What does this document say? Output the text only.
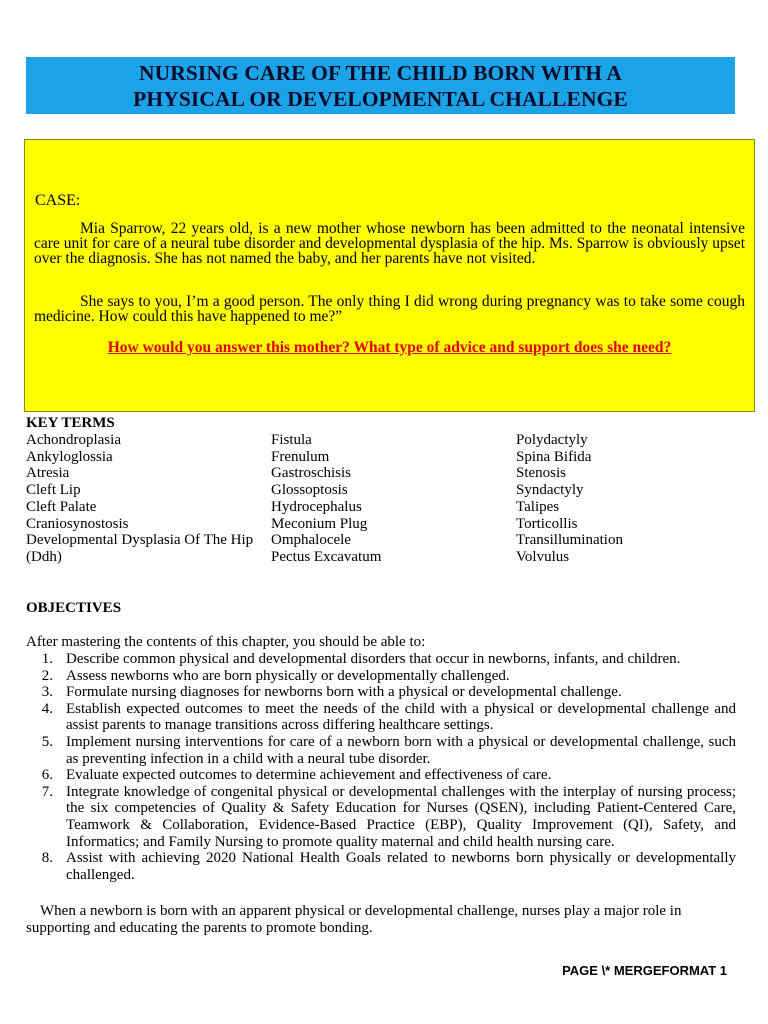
NURSING CARE OF THE CHILD BORN WITH A
PHYSICAL OR DEVELOPMENTAL CHALLENGE
CASE:
Mia Sparrow, 22 years old, is a new mother whose newborn has been admitted to the neonatal intensive care unit for care of a neural tube disorder and developmental dysplasia of the hip. Ms. Sparrow is obviously upset over the diagnosis. She has not named the baby, and her parents have not visited.
She says to you, I’m a good person. The only thing I did wrong during pregnancy was to take some cough medicine. How could this have happened to me?”
How would you answer this mother? What type of advice and support does she need?
KEY TERMS
Achondroplasia
Ankyloglossia
Atresia
Cleft Lip
Cleft Palate
Craniosynostosis
Developmental Dysplasia Of The Hip (Ddh)
Fistula
Frenulum
Gastroschisis
Glossoptosis
Hydrocephalus
Meconium Plug
Omphalocele
Pectus Excavatum
Polydactyly
Spina Bifida
Stenosis
Syndactyly
Talipes
Torticollis
Transillumination
Volvulus
OBJECTIVES
After mastering the contents of this chapter, you should be able to:
1. Describe common physical and developmental disorders that occur in newborns, infants, and children.
2. Assess newborns who are born physically or developmentally challenged.
3. Formulate nursing diagnoses for newborns born with a physical or developmental challenge.
4. Establish expected outcomes to meet the needs of the child with a physical or developmental challenge and assist parents to manage transitions across differing healthcare settings.
5. Implement nursing interventions for care of a newborn born with a physical or developmental challenge, such as preventing infection in a child with a neural tube disorder.
6. Evaluate expected outcomes to determine achievement and effectiveness of care.
7. Integrate knowledge of congenital physical or developmental challenges with the interplay of nursing process; the six competencies of Quality & Safety Education for Nurses (QSEN), including Patient-Centered Care, Teamwork & Collaboration, Evidence-Based Practice (EBP), Quality Improvement (QI), Safety, and Informatics; and Family Nursing to promote quality maternal and child health nursing care.
8. Assist with achieving 2020 National Health Goals related to newborns born physically or developmentally challenged.
When a newborn is born with an apparent physical or developmental challenge, nurses play a major role in supporting and educating the parents to promote bonding.
PAGE \* MERGEFORMAT 1
